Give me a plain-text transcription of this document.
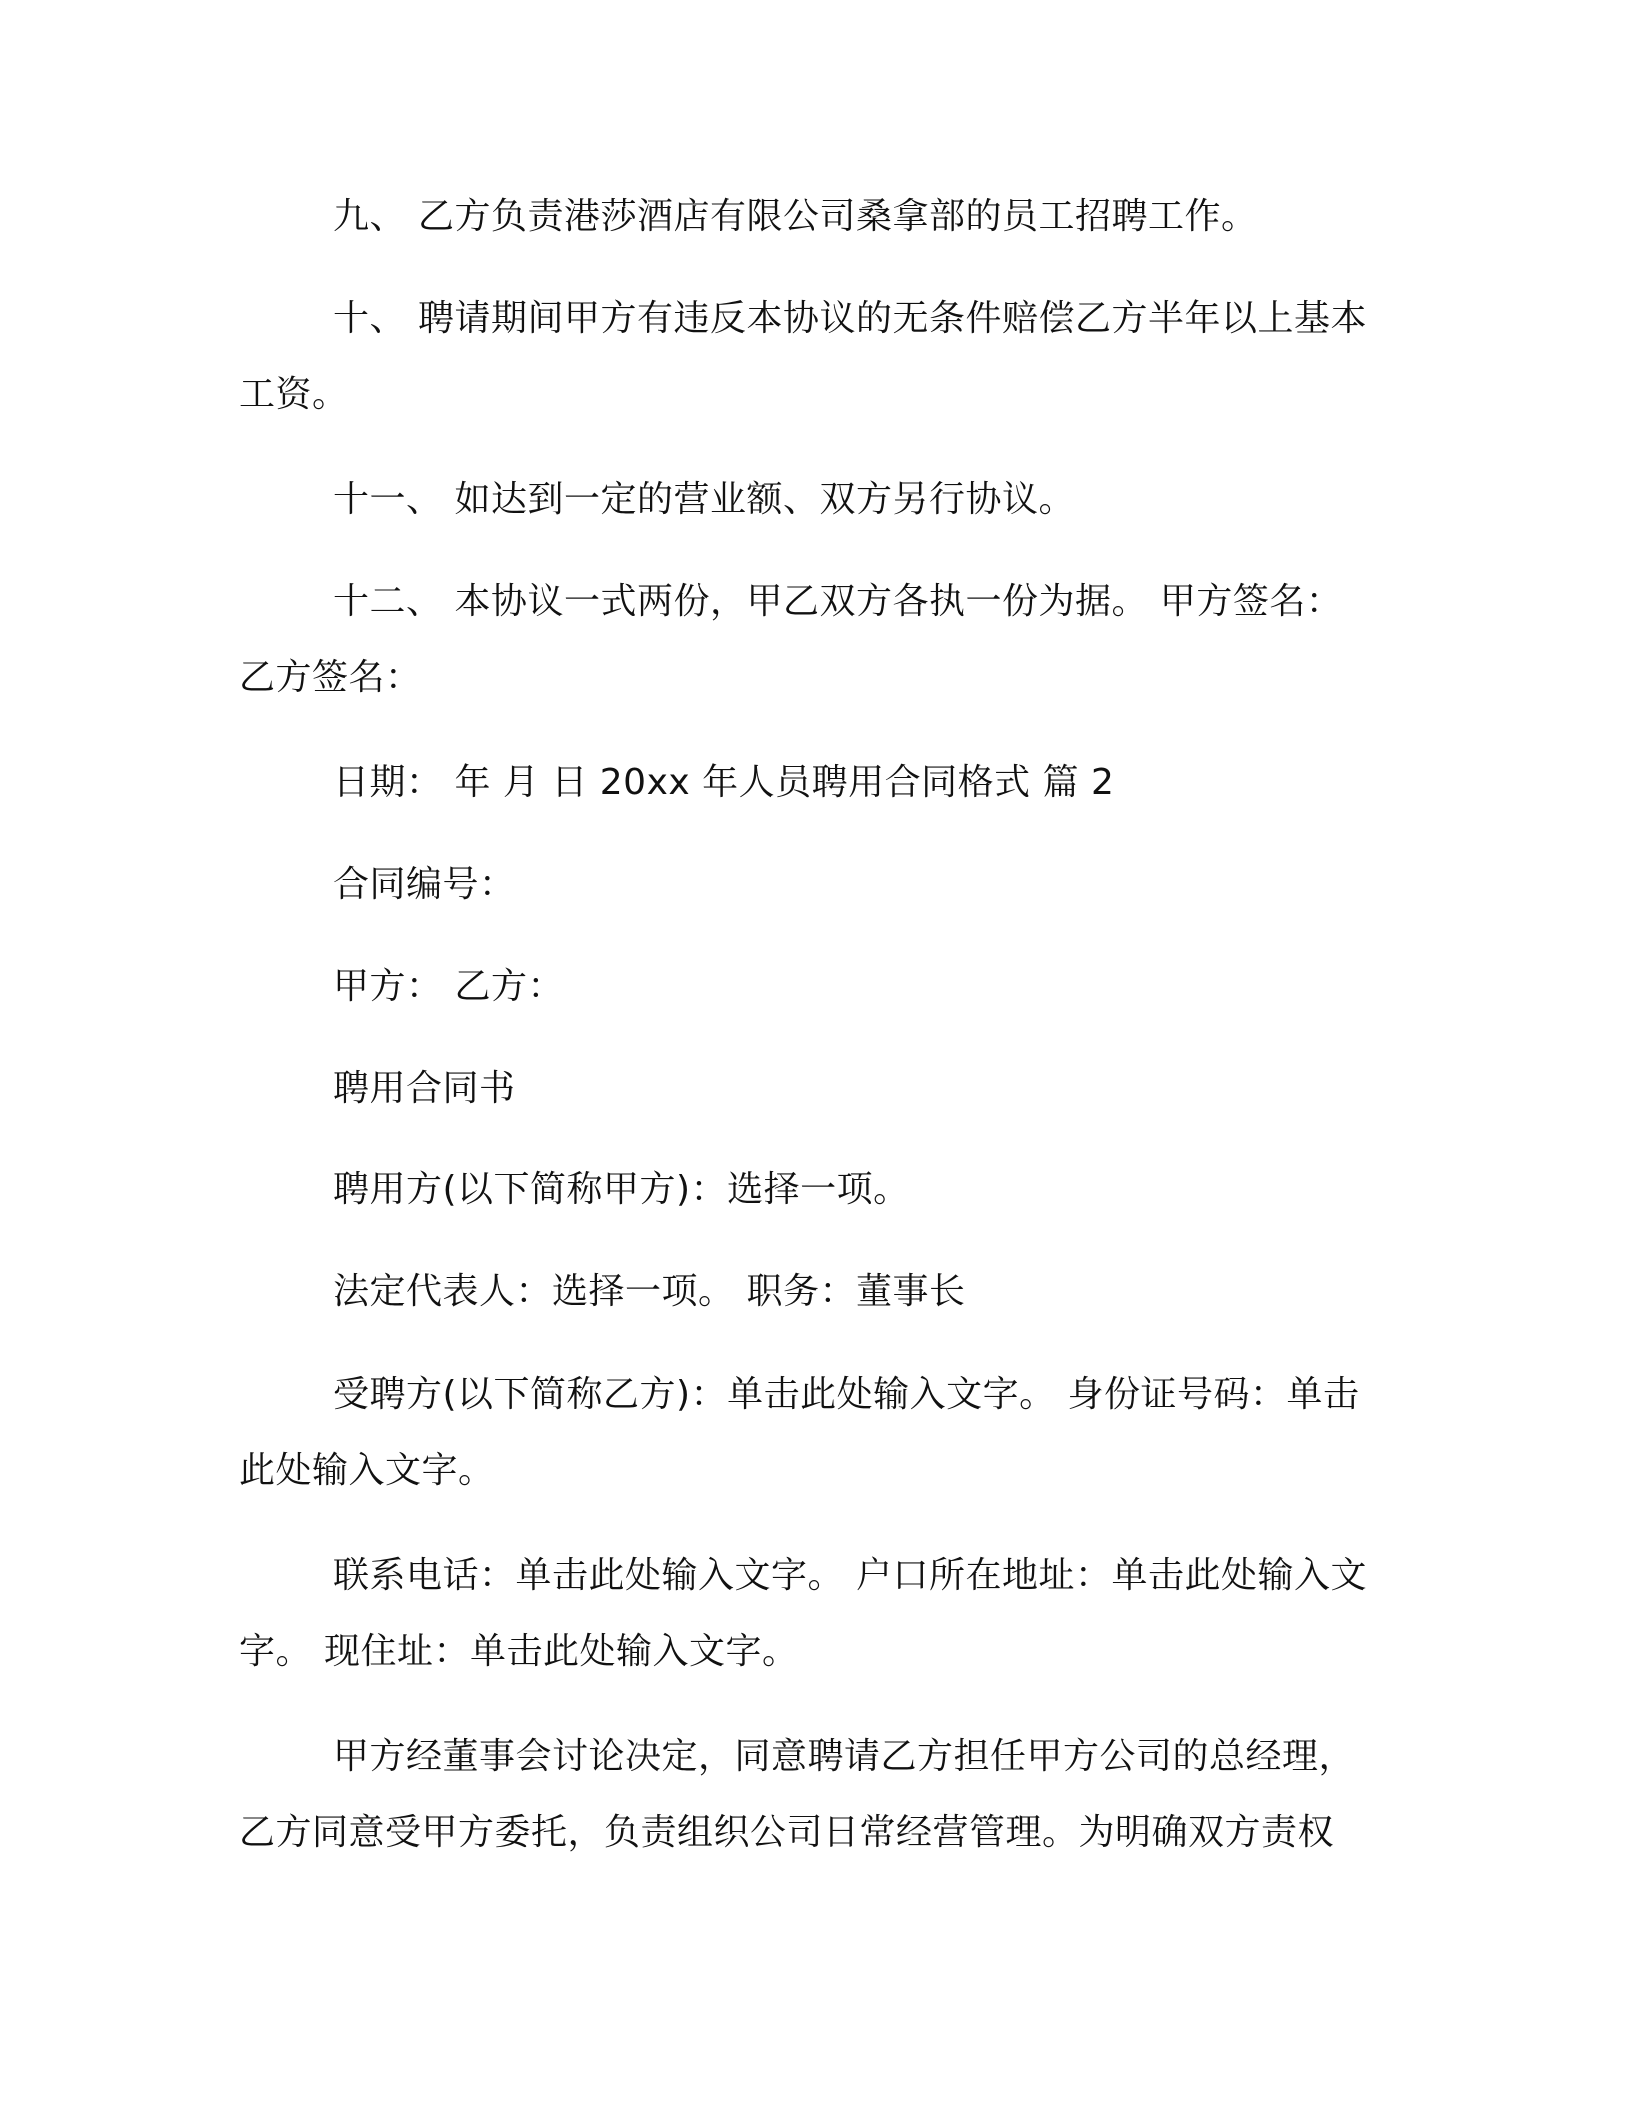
九、 乙方负责港莎酒店有限公司桑拿部的员工招聘工作。
十、 聘请期间甲方有违反本协议的无条件赔偿乙方半年以上基本
工资。
十一、 如达到一定的营业额、双方另行协议。
十二、 本协议一式两份，甲乙双方各执一份为据。 甲方签名：
乙方签名：
日期： 年 月 日 20xx 年人员聘用合同格式 篇 2
合同编号：
甲方： 乙方：
聘用合同书
聘用方(以下简称甲方)：选择一项。
法定代表人：选择一项。 职务：董事长
受聘方(以下简称乙方)：单击此处输入文字。 身份证号码：单击
此处输入文字。
联系电话：单击此处输入文字。 户口所在地址：单击此处输入文
字。 现住址：单击此处输入文字。
甲方经董事会讨论决定，同意聘请乙方担任甲方公司的总经理，
乙方同意受甲方委托，负责组织公司日常经营管理。为明确双方责权
